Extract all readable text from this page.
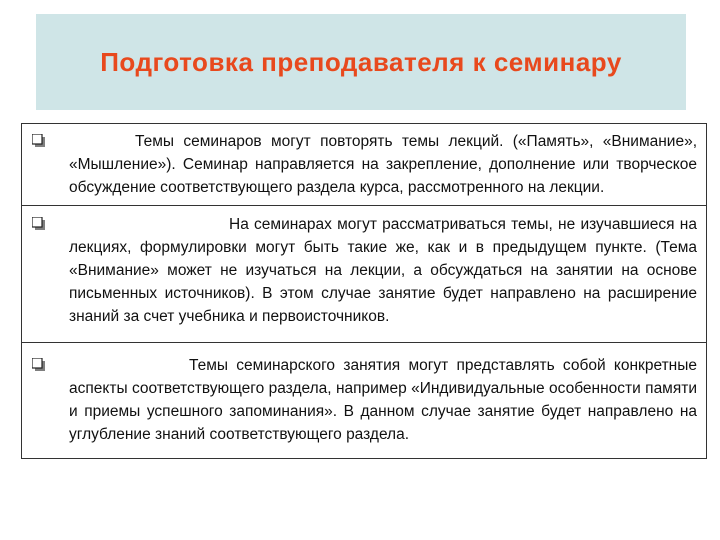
Подготовка преподавателя к семинару

Темы семинаров могут повторять темы лекций. («Память», «Внимание», «Мышление»). Семинар направляется на закрепление, дополнение или творческое обсуждение соответствующего раздела курса, рассмотренного на лекции.

На семинарах могут рассматриваться темы, не изучавшиеся на лекциях, формулировки могут быть такие же, как и в предыдущем пункте. (Тема «Внимание» может не изучаться на лекции, а обсуждаться на занятии на основе письменных источников). В этом случае занятие будет направлено на расширение знаний за счет учебника и первоисточников.

Темы семинарского занятия могут представлять собой конкретные аспекты соответствующего раздела, например «Индивидуальные особенности памяти и приемы успешного запоминания». В данном случае занятие будет направлено на углубление знаний соответствующего раздела.
